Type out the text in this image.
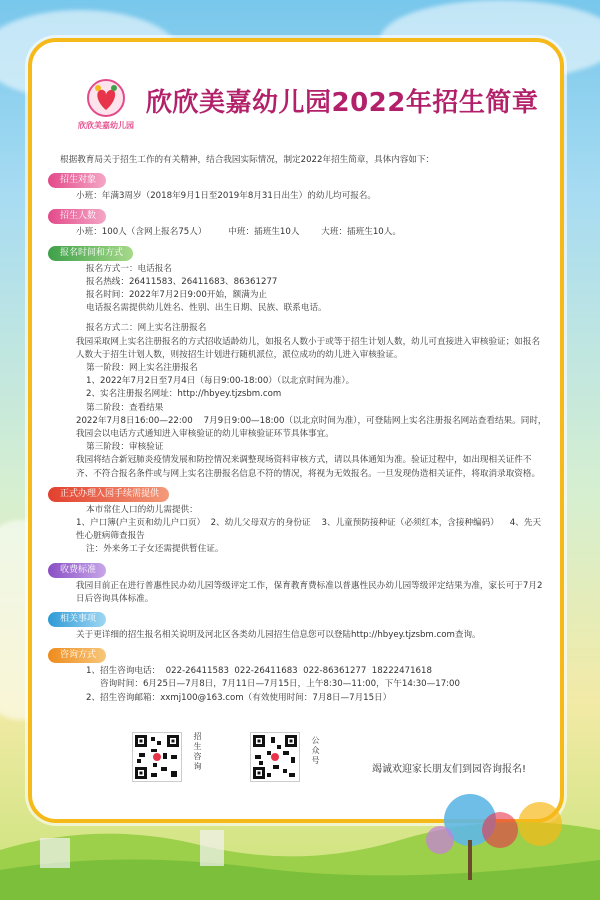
欣欣美嘉幼儿园
欣欣美嘉幼儿园2022年招生简章
根据教育局关于招生工作的有关精神，结合我园实际情况，制定2022年招生简章，具体内容如下：
招生对象
小班：年满3周岁（2018年9月1日至2019年8月31日出生）的幼儿均可报名。
招生人数
小班：100人（含网上报名75人）        中班：插班生10人        大班：插班生10人。
报名时间和方式
报名方式一：电话报名
报名热线：26411583、26411683、86361277
报名时间：2022年7月2日9:00开始，额满为止
电话报名需提供幼儿姓名、性别、出生日期、民族、联系电话。
报名方式二：网上实名注册报名
我园采取网上实名注册报名的方式招收适龄幼儿，如报名人数小于或等于招生计划人数，幼儿可直接进入审核验证；如报名人数大于招生计划人数，则按招生计划进行随机派位，派位成功的幼儿进入审核验证。
第一阶段：网上实名注册报名
1、2022年7月2日至7月4日（每日9:00-18:00）（以北京时间为准）。
2、实名注册报名网址：http://hbyey.tjzsbm.com
第二阶段：查看结果
2022年7月8日16:00—22:00    7月9日9:00—18:00（以北京时间为准），可登陆网上实名注册报名网站查看结果。同时，我园会以电话方式通知进入审核验证的幼儿审核验证环节具体事宜。
第三阶段：审核验证
我园将结合新冠肺炎疫情发展和防控情况来调整现场资料审核方式，请以具体通知为准。验证过程中，如出现相关证件不齐、不符合报名条件或与网上实名注册报名信息不符的情况，将视为无效报名。一旦发现伪造相关证件，将取消录取资格。
正式办理入园手续需提供
本市常住人口的幼儿需提供：
1、户口簿(户主页和幼儿户口页）  2、幼儿父母双方的身份证    3、儿童预防接种证（必须红本，含接种编码）    4、先天性心脏病筛查报告
注：外来务工子女还需提供暂住证。
收费标准
我园目前正在进行普惠性民办幼儿园等级评定工作，保育教育费标准以普惠性民办幼儿园等级评定结果为准，家长可于7月2日后咨询具体标准。
相关事项
关于更详细的招生报名相关说明及河北区各类幼儿园招生信息您可以登陆http://hbyey.tjzsbm.com查询。
咨询方式
1、招生咨询电话：  022-26411583  022-26411683  022-86361277  18222471618
咨询时间：6月25日—7月8日，7月11日—7月15日，上午8:30—11:00，下午14:30—17:00
2、招生咨询邮箱：xxmj100@163.com（有效使用时间：7月8日—7月15日）
招生咨询	公众号
竭诚欢迎家长朋友们到园咨询报名!
